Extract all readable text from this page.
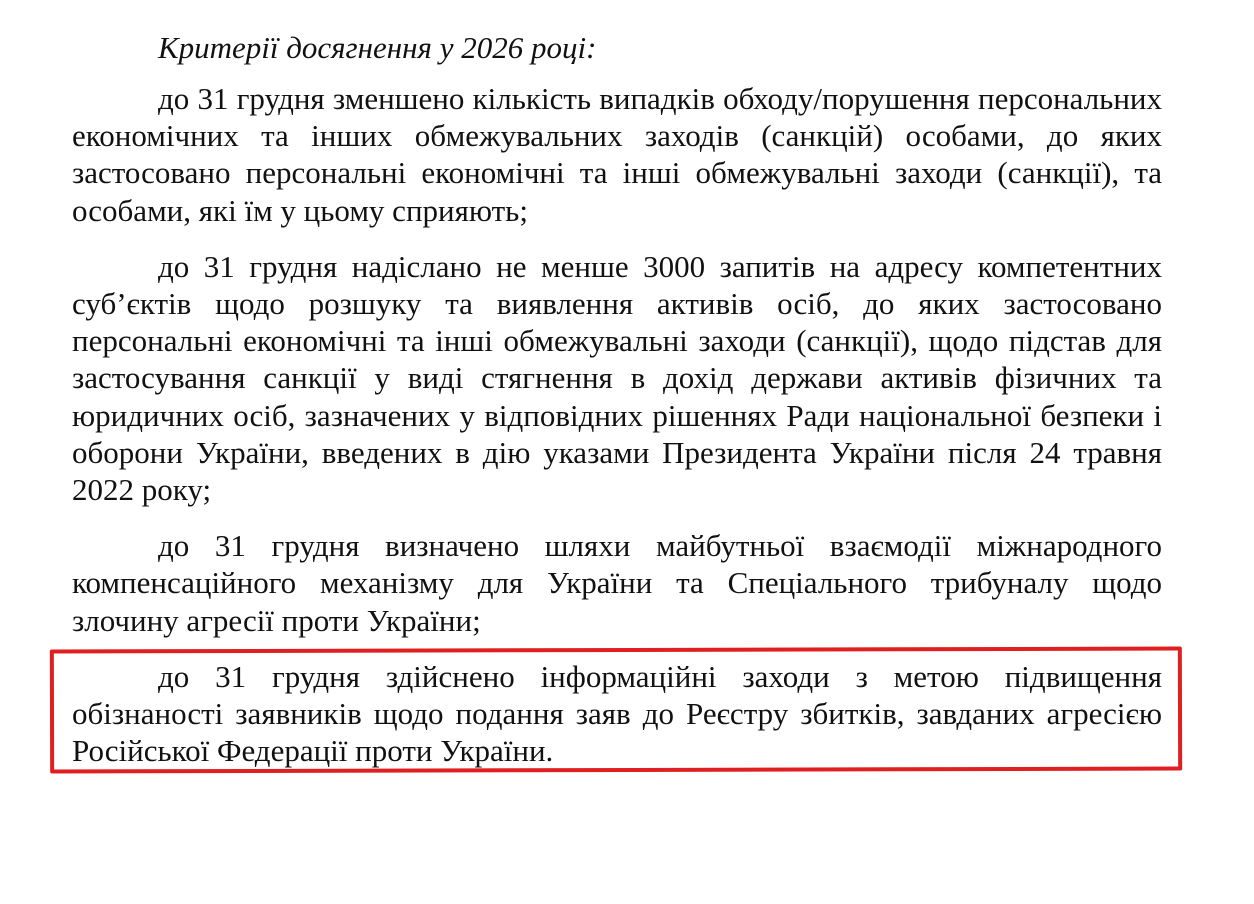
Критерії досягнення у 2026 році:

до 31 грудня зменшено кількість випадків обходу/порушення персональних економічних та інших обмежувальних заходів (санкцій) особами, до яких застосовано персональні економічні та інші обмежувальні заходи (санкції), та особами, які їм у цьому сприяють;

до 31 грудня надіслано не менше 3000 запитів на адресу компетентних суб’єктів щодо розшуку та виявлення активів осіб, до яких застосовано персональні економічні та інші обмежувальні заходи (санкції), щодо підстав для застосування санкції у виді стягнення в дохід держави активів фізичних та юридичних осіб, зазначених у відповідних рішеннях Ради національної безпеки і оборони України, введених в дію указами Президента України після 24 травня 2022 року;

до 31 грудня визначено шляхи майбутньої взаємодії міжнародного компенсаційного механізму для України та Спеціального трибуналу щодо злочину агресії проти України;

до 31 грудня здійснено інформаційні заходи з метою підвищення обізнаності заявників щодо подання заяв до Реєстру збитків, завданих агресією Російської Федерації проти України.
